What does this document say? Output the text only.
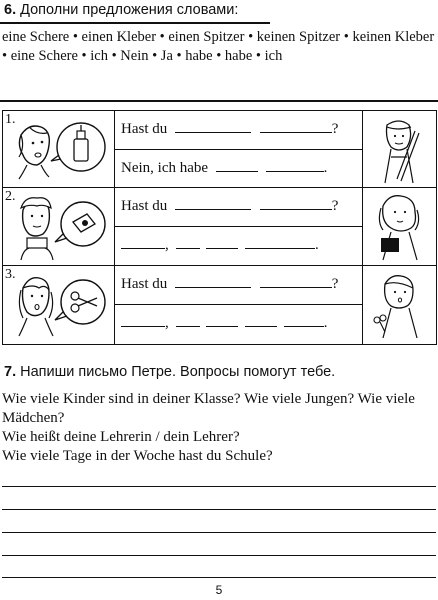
6. Дополни предложения словами:
eine Schere • einen Kleber • einen Spitzer • keinen Spitzer • keinen Kleber • eine Schere • ich • Nein • Ja • habe • habe • ich
1.	Hast du ?

	Nein, ich habe .	

2.	Hast du ?

	, .	

3.	Hast du ?

	, .	
7. Напиши письмо Петре. Вопросы помогут тебе.
Wie viele Kinder sind in deiner Klasse? Wie viele Jungen? Wie viele Mädchen?
Wie heißt deine Lehrerin / dein Lehrer?
Wie viele Tage in der Woche hast du Schule?
5
